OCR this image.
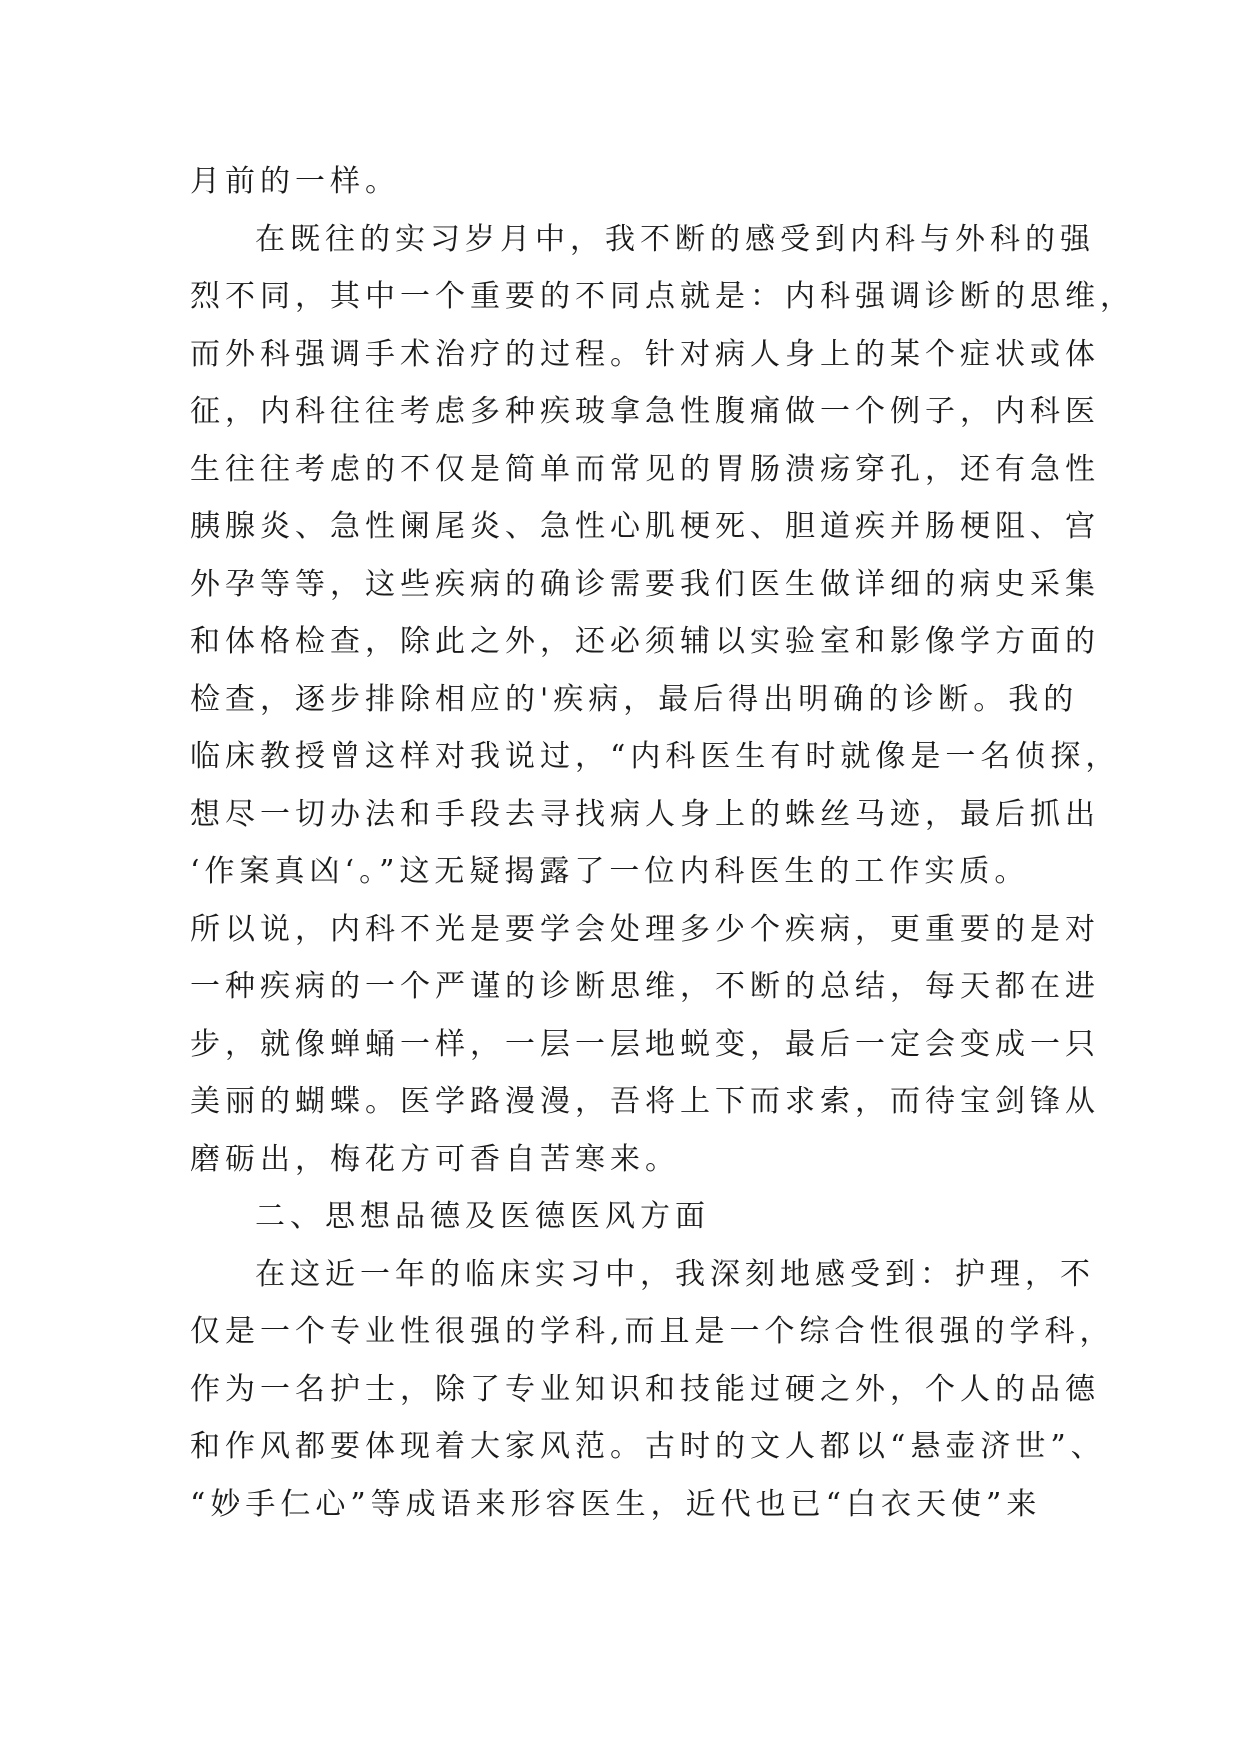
月前的一样。
在既往的实习岁月中，我不断的感受到内科与外科的强
烈不同，其中一个重要的不同点就是：内科强调诊断的思维，
而外科强调手术治疗的过程。针对病人身上的某个症状或体
征，内科往往考虑多种疾玻拿急性腹痛做一个例子，内科医
生往往考虑的不仅是简单而常见的胃肠溃疡穿孔，还有急性
胰腺炎、急性阑尾炎、急性心肌梗死、胆道疾并肠梗阻、宫
外孕等等，这些疾病的确诊需要我们医生做详细的病史采集
和体格检查，除此之外，还必须辅以实验室和影像学方面的
检查，逐步排除相应的'疾病，最后得出明确的诊断。我的
临床教授曾这样对我说过，“内科医生有时就像是一名侦探，
想尽一切办法和手段去寻找病人身上的蛛丝马迹，最后抓出
‘作案真凶‘。”这无疑揭露了一位内科医生的工作实质。
所以说，内科不光是要学会处理多少个疾病，更重要的是对
一种疾病的一个严谨的诊断思维，不断的总结，每天都在进
步，就像蝉蛹一样，一层一层地蜕变，最后一定会变成一只
美丽的蝴蝶。医学路漫漫，吾将上下而求索，而待宝剑锋从
磨砺出，梅花方可香自苦寒来。
二、思想品德及医德医风方面
在这近一年的临床实习中，我深刻地感受到：护理，不
仅是一个专业性很强的学科,而且是一个综合性很强的学科，
作为一名护士，除了专业知识和技能过硬之外，个人的品德
和作风都要体现着大家风范。古时的文人都以“悬壶济世”、
“妙手仁心”等成语来形容医生，近代也已“白衣天使”来
